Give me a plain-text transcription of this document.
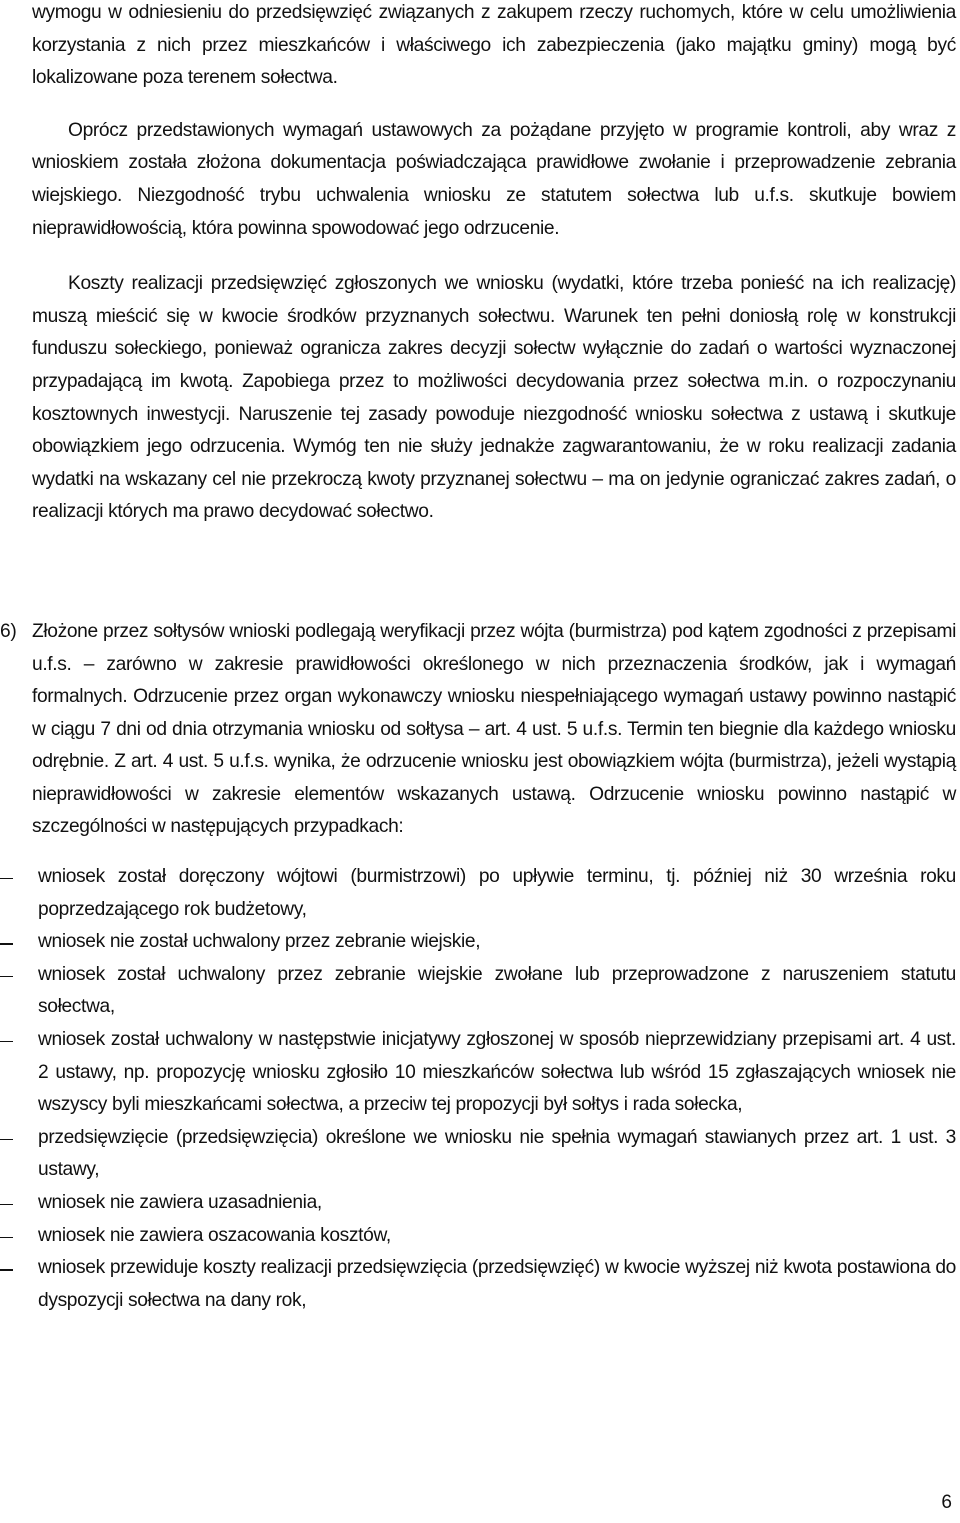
wymogu w odniesieniu do przedsięwzięć związanych z zakupem rzeczy ruchomych, które w celu umożliwienia korzystania z nich przez mieszkańców i właściwego ich zabezpieczenia (jako majątku gminy) mogą być lokalizowane poza terenem sołectwa.

Oprócz przedstawionych wymagań ustawowych za pożądane przyjęto w programie kontroli, aby wraz z wnioskiem została złożona dokumentacja poświadczająca prawidłowe zwołanie i przeprowadzenie zebrania wiejskiego. Niezgodność trybu uchwalenia wniosku ze statutem sołectwa lub u.f.s. skutkuje bowiem nieprawidłowością, która powinna spowodować jego odrzucenie.

Koszty realizacji przedsięwzięć zgłoszonych we wniosku (wydatki, które trzeba ponieść na ich realizację) muszą mieścić się w kwocie środków przyznanych sołectwu. Warunek ten pełni doniosłą rolę w konstrukcji funduszu sołeckiego, ponieważ ogranicza zakres decyzji sołectw wyłącznie do zadań o wartości wyznaczonej przypadającą im kwotą. Zapobiega przez to możliwości decydowania przez sołectwa m.in. o rozpoczynaniu kosztownych inwestycji. Naruszenie tej zasady powoduje niezgodność wniosku sołectwa z ustawą i skutkuje obowiązkiem jego odrzucenia. Wymóg ten nie służy jednakże zagwarantowaniu, że w roku realizacji zadania wydatki na wskazany cel nie przekroczą kwoty przyznanej sołectwu – ma on jedynie ograniczać zakres zadań, o realizacji których ma prawo decydować sołectwo.

6) Złożone przez sołtysów wnioski podlegają weryfikacji przez wójta (burmistrza) pod kątem zgodności z przepisami u.f.s. – zarówno w zakresie prawidłowości określonego w nich przeznaczenia środków, jak i wymagań formalnych. Odrzucenie przez organ wykonawczy wniosku niespełniającego wymagań ustawy powinno nastąpić w ciągu 7 dni od dnia otrzymania wniosku od sołtysa – art. 4 ust. 5 u.f.s. Termin ten biegnie dla każdego wniosku odrębnie. Z art. 4 ust. 5 u.f.s. wynika, że odrzucenie wniosku jest obowiązkiem wójta (burmistrza), jeżeli wystąpią nieprawidłowości w zakresie elementów wskazanych ustawą. Odrzucenie wniosku powinno nastąpić w szczególności w następujących przypadkach:

wniosek został doręczony wójtowi (burmistrzowi) po upływie terminu, tj. później niż 30 września roku poprzedzającego rok budżetowy,
wniosek nie został uchwalony przez zebranie wiejskie,
wniosek został uchwalony przez zebranie wiejskie zwołane lub przeprowadzone z naruszeniem statutu sołectwa,
wniosek został uchwalony w następstwie inicjatywy zgłoszonej w sposób nieprzewidziany przepisami art. 4 ust. 2 ustawy, np. propozycję wniosku zgłosiło 10 mieszkańców sołectwa lub wśród 15 zgłaszających wniosek nie wszyscy byli mieszkańcami sołectwa, a przeciw tej propozycji był sołtys i rada sołecka,
przedsięwzięcie (przedsięwzięcia) określone we wniosku nie spełnia wymagań stawianych przez art. 1 ust. 3 ustawy,
wniosek nie zawiera uzasadnienia,
wniosek nie zawiera oszacowania kosztów,
wniosek przewiduje koszty realizacji przedsięwzięcia (przedsięwzięć) w kwocie wyższej niż kwota postawiona do dyspozycji sołectwa na dany rok,
6
